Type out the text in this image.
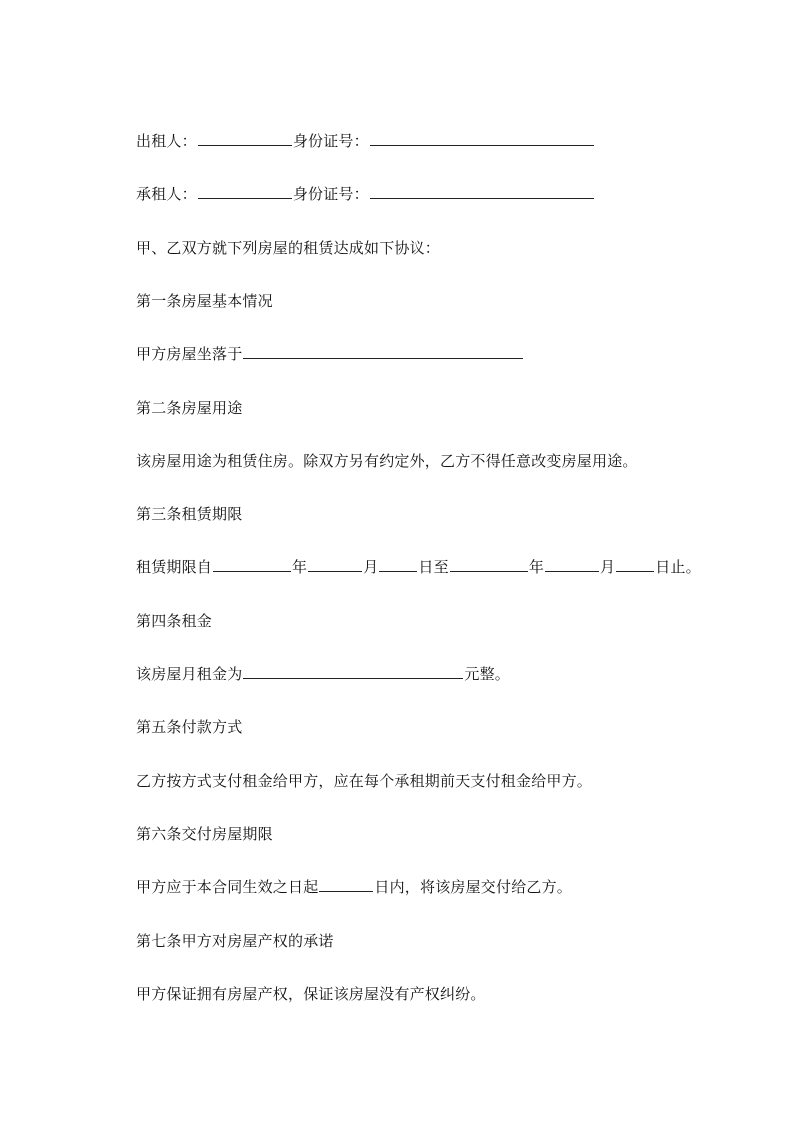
出租人：	身份证号：
承租人：	身份证号：
甲、乙双方就下列房屋的租赁达成如下协议：
第一条房屋基本情况
甲方房屋坐落于
第二条房屋用途
该房屋用途为租赁住房。除双方另有约定外，乙方不得任意改变房屋用途。
第三条租赁期限
租赁期限自	年	月	日至	年	月	日止。
第四条租金
该房屋月租金为	元整。
第五条付款方式
乙方按方式支付租金给甲方，应在每个承租期前天支付租金给甲方。
第六条交付房屋期限
甲方应于本合同生效之日起	日内，将该房屋交付给乙方。
第七条甲方对房屋产权的承诺
甲方保证拥有房屋产权，保证该房屋没有产权纠纷。
